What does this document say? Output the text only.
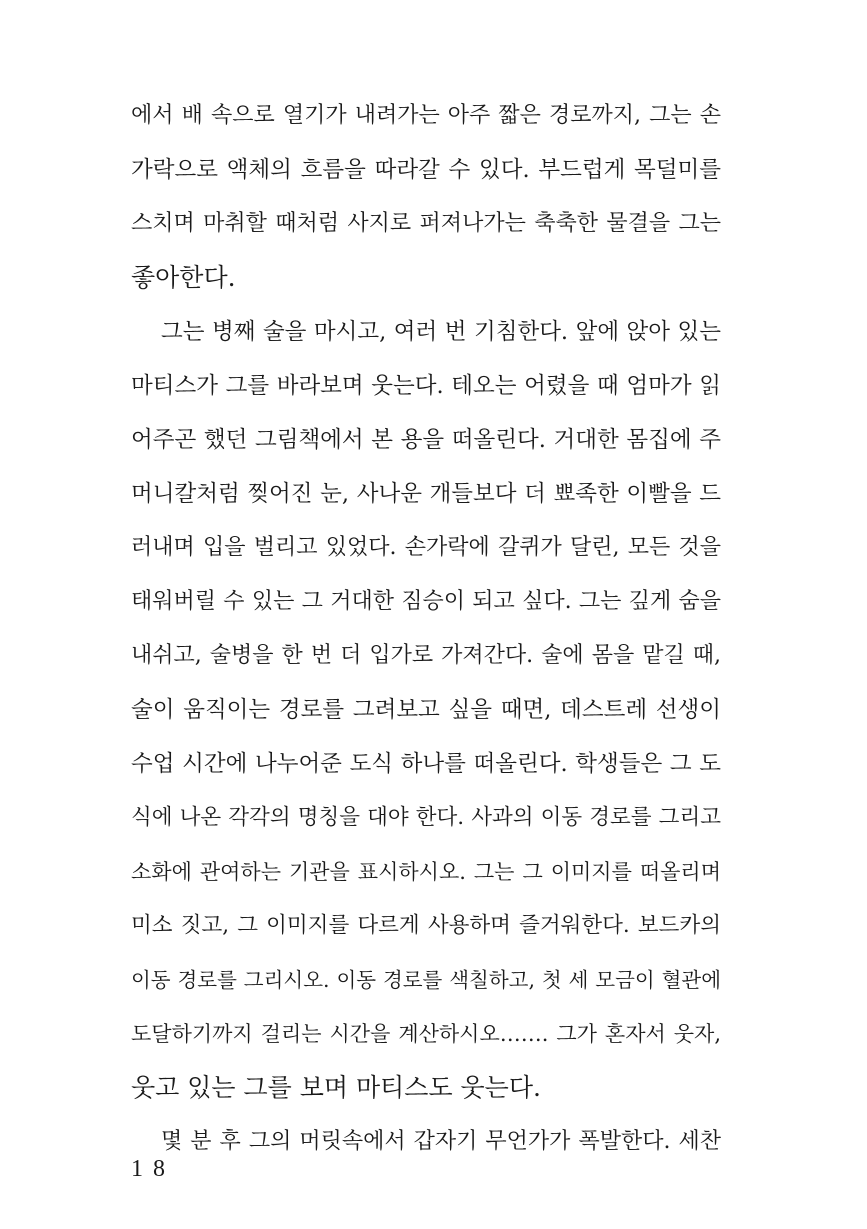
에서 배 속으로 열기가 내려가는 아주 짧은 경로까지, 그는 손
가락으로 액체의 흐름을 따라갈 수 있다. 부드럽게 목덜미를
스치며 마취할 때처럼 사지로 퍼져나가는 축축한 물결을 그는
좋아한다.
그는 병째 술을 마시고, 여러 번 기침한다. 앞에 앉아 있는
마티스가 그를 바라보며 웃는다. 테오는 어렸을 때 엄마가 읽
어주곤 했던 그림책에서 본 용을 떠올린다. 거대한 몸집에 주
머니칼처럼 찢어진 눈, 사나운 개들보다 더 뾰족한 이빨을 드
러내며 입을 벌리고 있었다. 손가락에 갈퀴가 달린, 모든 것을
태워버릴 수 있는 그 거대한 짐승이 되고 싶다. 그는 깊게 숨을
내쉬고, 술병을 한 번 더 입가로 가져간다. 술에 몸을 맡길 때,
술이 움직이는 경로를 그려보고 싶을 때면, 데스트레 선생이
수업 시간에 나누어준 도식 하나를 떠올린다. 학생들은 그 도
식에 나온 각각의 명칭을 대야 한다. 사과의 이동 경로를 그리고
소화에 관여하는 기관을 표시하시오. 그는 그 이미지를 떠올리며
미소 짓고, 그 이미지를 다르게 사용하며 즐거워한다. 보드카의
이동 경로를 그리시오. 이동 경로를 색칠하고, 첫 세 모금이 혈관에
도달하기까지 걸리는 시간을 계산하시오……. 그가 혼자서 웃자,
웃고 있는 그를 보며 마티스도 웃는다.
몇 분 후 그의 머릿속에서 갑자기 무언가가 폭발한다. 세찬
18
